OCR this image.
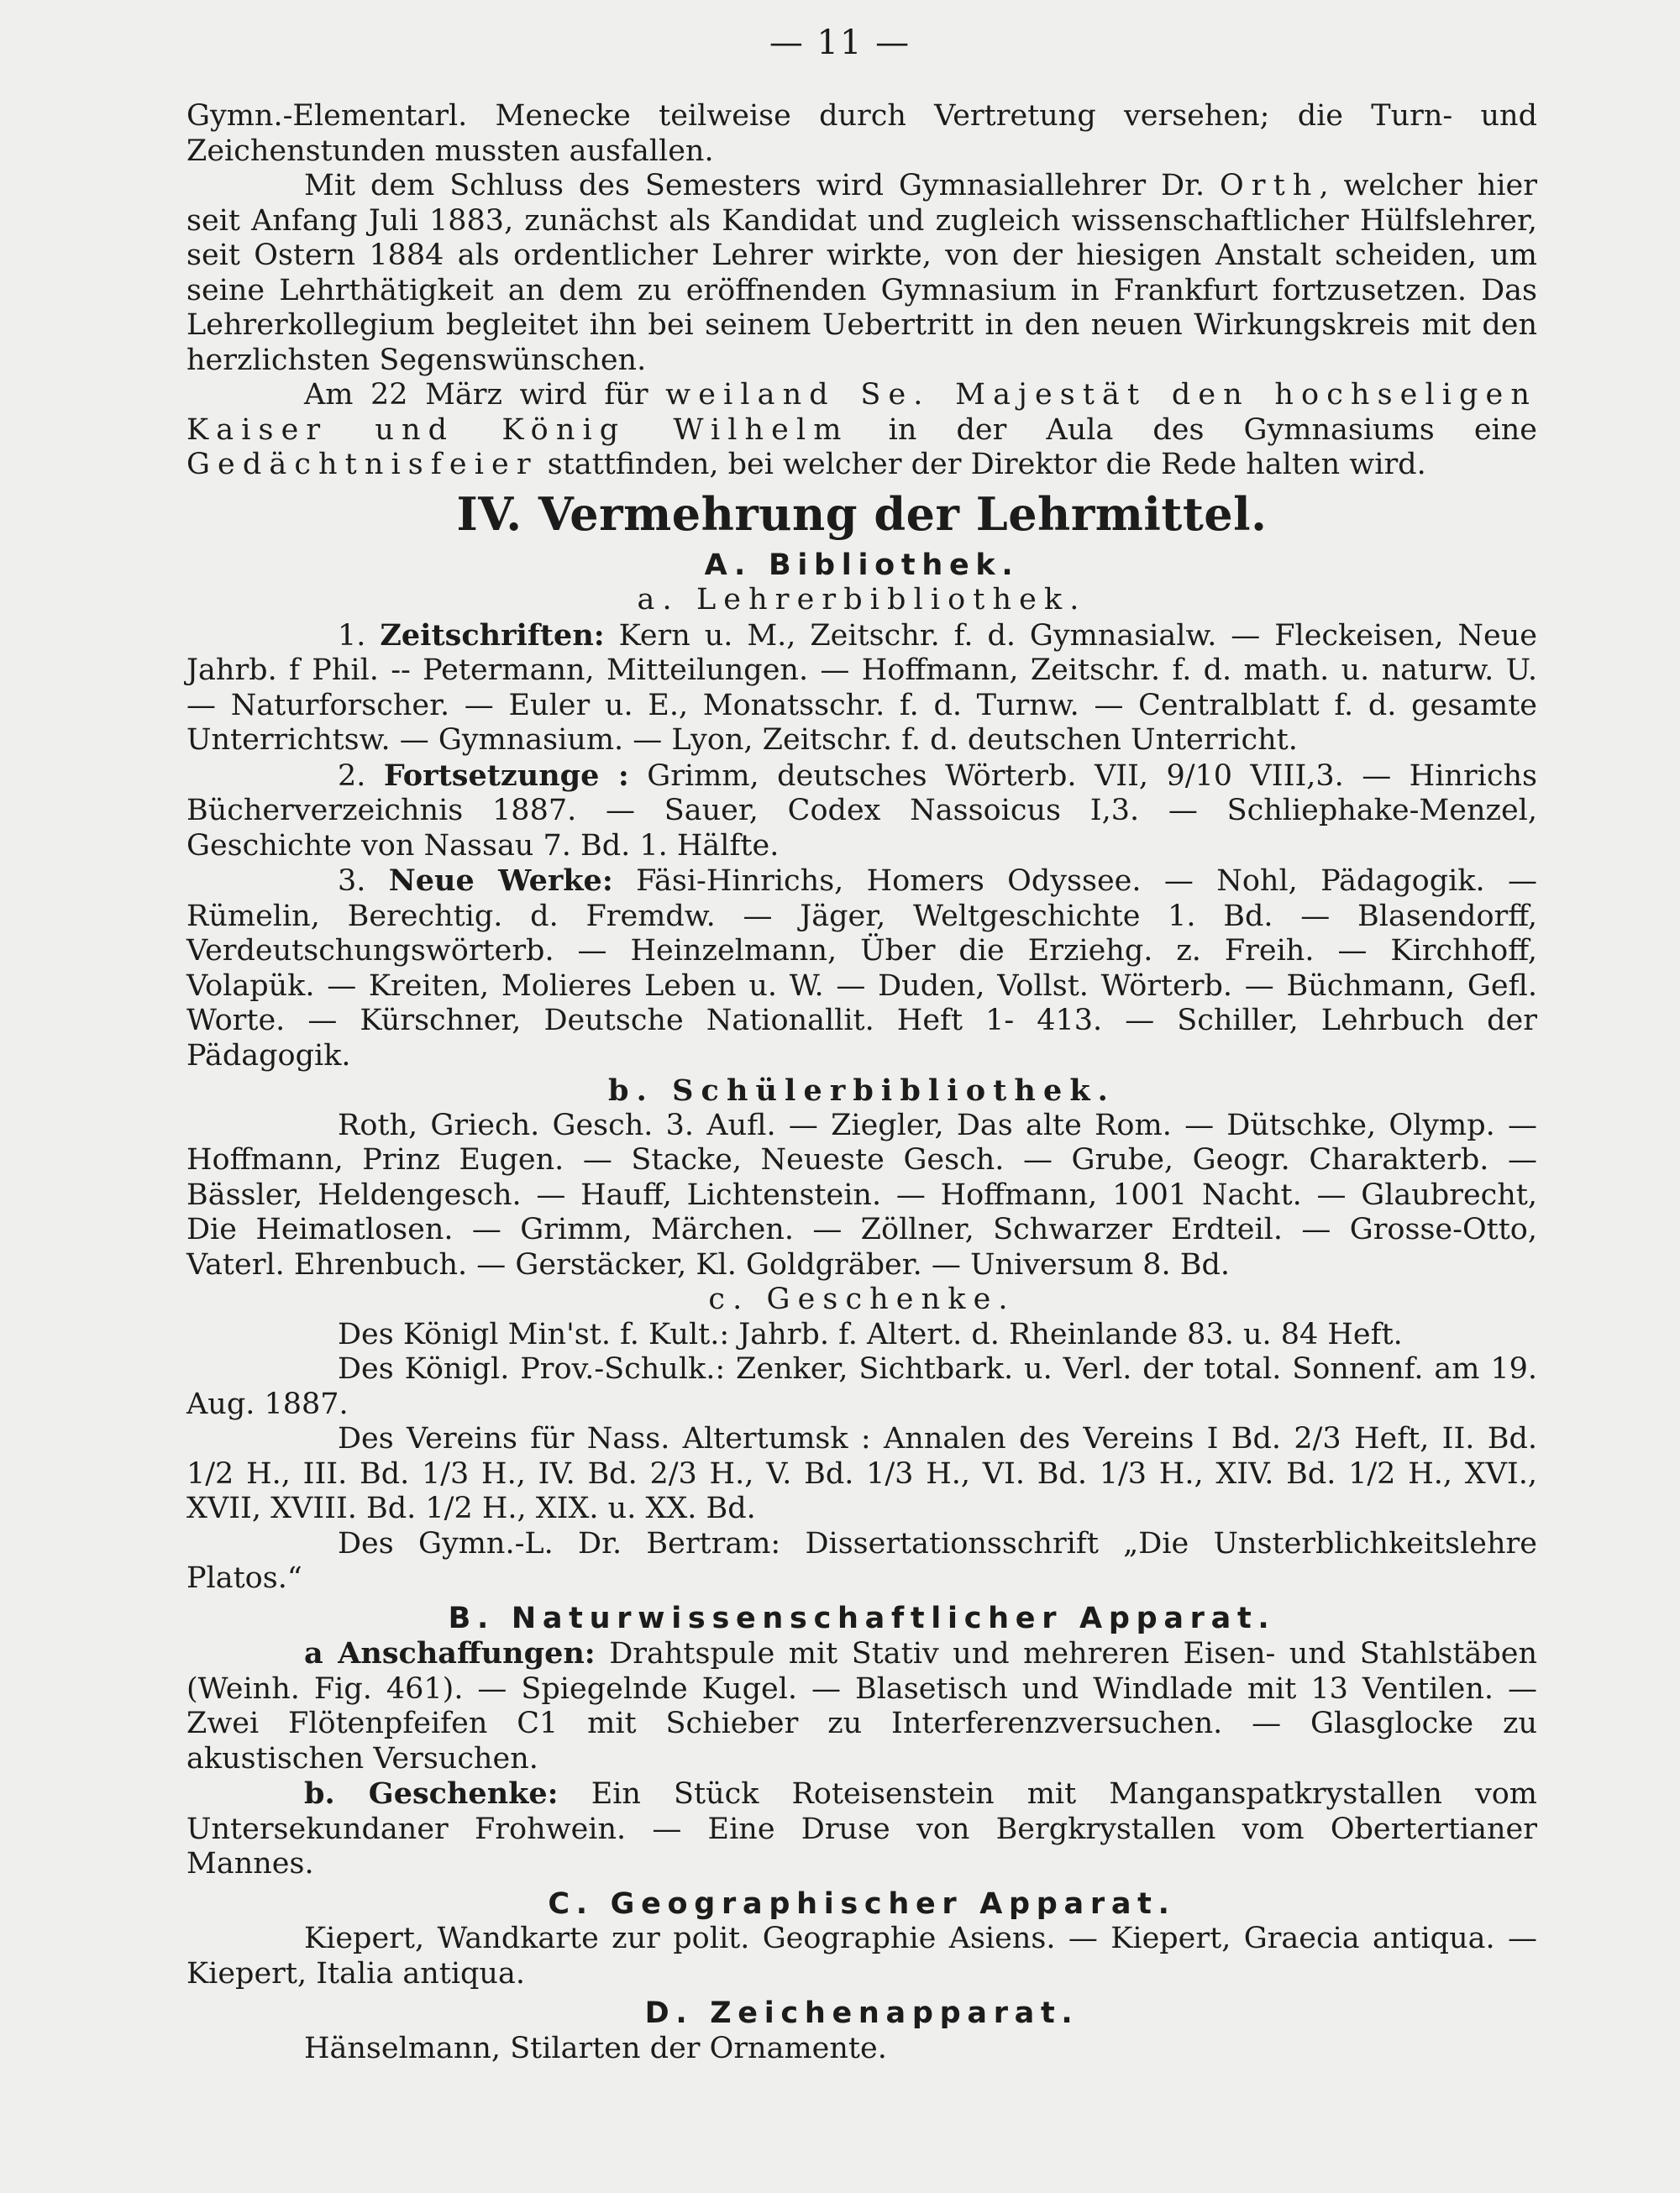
— 11 —

Gymn.-Elementarl. Menecke teilweise durch Vertretung versehen; die Turn- und Zeichenstunden mussten ausfallen.

Mit dem Schluss des Semesters wird Gymnasiallehrer Dr. Orth, welcher hier seit Anfang Juli 1883, zunächst als Kandidat und zugleich wissenschaftlicher Hülfslehrer, seit Ostern 1884 als ordentlicher Lehrer wirkte, von der hiesigen Anstalt scheiden, um seine Lehrthätigkeit an dem zu eröffnenden Gymnasium in Frankfurt fortzusetzen. Das Lehrerkollegium begleitet ihn bei seinem Uebertritt in den neuen Wirkungskreis mit den herzlichsten Segenswünschen.

Am 22 März wird für weiland Se. Majestät den hochseligen Kaiser und König Wilhelm in der Aula des Gymnasiums eine Gedächtnisfeier stattfinden, bei welcher der Direktor die Rede halten wird.

IV. Vermehrung der Lehrmittel.
A. Bibliothek.
a. Lehrerbibliothek.

1. Zeitschriften: Kern u. M., Zeitschr. f. d. Gymnasialw. — Fleckeisen, Neue Jahrb. f Phil. -- Petermann, Mitteilungen. — Hoffmann, Zeitschr. f. d. math. u. naturw. U. — Naturforscher. — Euler u. E., Monatsschr. f. d. Turnw. — Centralblatt f. d. gesamte Unterrichtsw. — Gymnasium. — Lyon, Zeitschr. f. d. deutschen Unterricht.

2. Fortsetzunge : Grimm, deutsches Wörterb. VII, 9/10 VIII,3. — Hinrichs Bücherverzeichnis 1887. — Sauer, Codex Nassoicus I,3. — Schliephake-Menzel, Geschichte von Nassau 7. Bd. 1. Hälfte.

3. Neue Werke: Fäsi-Hinrichs, Homers Odyssee. — Nohl, Pädagogik. — Rümelin, Berechtig. d. Fremdw. — Jäger, Weltgeschichte 1. Bd. — Blasendorff, Verdeutschungswörterb. — Heinzelmann, Über die Erziehg. z. Freih. — Kirchhoff, Volapük. — Kreiten, Molieres Leben u. W. — Duden, Vollst. Wörterb. — Büchmann, Gefl. Worte. — Kürschner, Deutsche Nationallit. Heft 1- 413. — Schiller, Lehrbuch der Pädagogik.

b. Schülerbibliothek.

Roth, Griech. Gesch. 3. Aufl. — Ziegler, Das alte Rom. — Dütschke, Olymp. — Hoffmann, Prinz Eugen. — Stacke, Neueste Gesch. — Grube, Geogr. Charakterb. — Bässler, Heldengesch. — Hauff, Lichtenstein. — Hoffmann, 1001 Nacht. — Glaubrecht, Die Heimatlosen. — Grimm, Märchen. — Zöllner, Schwarzer Erdteil. — Grosse-Otto, Vaterl. Ehrenbuch. — Gerstäcker, Kl. Goldgräber. — Universum 8. Bd.

c. Geschenke.

Des Königl Min'st. f. Kult.: Jahrb. f. Altert. d. Rheinlande 83. u. 84 Heft.

Des Königl. Prov.-Schulk.: Zenker, Sichtbark. u. Verl. der total. Sonnenf. am 19. Aug. 1887.

Des Vereins für Nass. Altertumsk : Annalen des Vereins I Bd. 2/3 Heft, II. Bd. 1/2 H., III. Bd. 1/3 H., IV. Bd. 2/3 H., V. Bd. 1/3 H., VI. Bd. 1/3 H., XIV. Bd. 1/2 H., XVI., XVII, XVIII. Bd. 1/2 H., XIX. u. XX. Bd.

Des Gymn.-L. Dr. Bertram: Dissertationsschrift „Die Unsterblichkeitslehre Platos.“

B. Naturwissenschaftlicher Apparat.

a Anschaffungen: Drahtspule mit Stativ und mehreren Eisen- und Stahlstäben (Weinh. Fig. 461). — Spiegelnde Kugel. — Blasetisch und Windlade mit 13 Ventilen. — Zwei Flötenpfeifen C1 mit Schieber zu Interferenzversuchen. — Glasglocke zu akustischen Versuchen.

b. Geschenke: Ein Stück Roteisenstein mit Manganspatkrystallen vom Untersekundaner Frohwein. — Eine Druse von Bergkrystallen vom Obertertianer Mannes.

C. Geographischer Apparat.

Kiepert, Wandkarte zur polit. Geographie Asiens. — Kiepert, Graecia antiqua. — Kiepert, Italia antiqua.

D. Zeichenapparat.

Hänselmann, Stilarten der Ornamente.
